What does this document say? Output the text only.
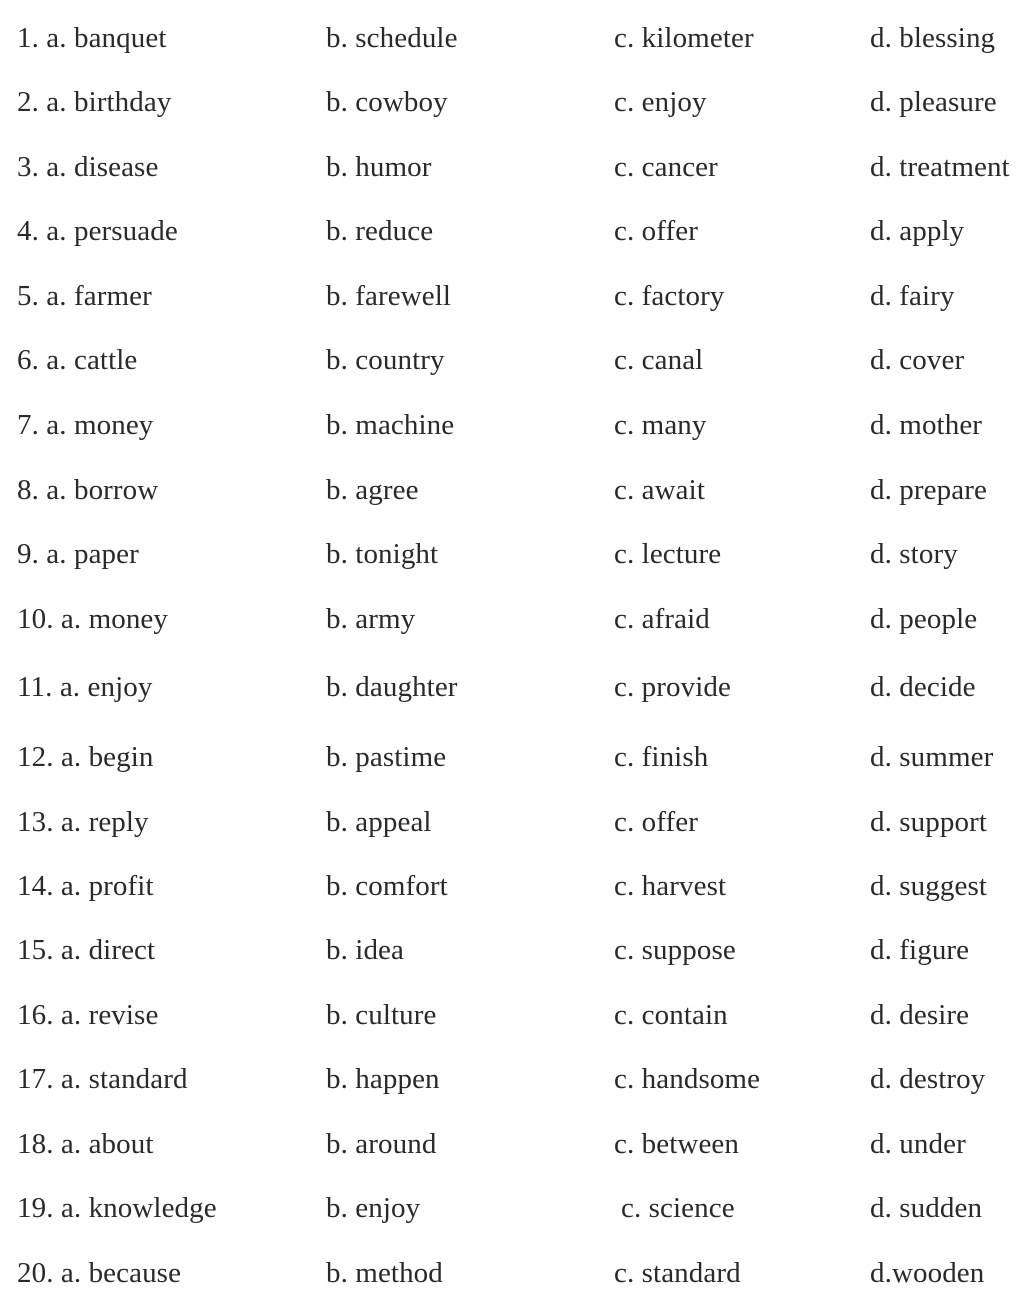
1. a. banquet	b. schedule	c. kilometer	d. blessing
2. a. birthday	b. cowboy	c. enjoy	d. pleasure
3. a. disease	b. humor	c. cancer	d. treatment
4. a. persuade	b. reduce	c. offer	d. apply
5. a. farmer	b. farewell	c. factory	d. fairy
6. a. cattle	b. country	c. canal	d. cover
7. a. money	b. machine	c. many	d. mother
8. a. borrow	b. agree	c. await	d. prepare
9. a. paper	b. tonight	c. lecture	d. story
10. a. money	b. army	c. afraid	d. people
11. a. enjoy	b. daughter	c. provide	d. decide
12. a. begin	b. pastime	c. finish	d. summer
13. a. reply	b. appeal	c. offer	d. support
14. a. profit	b. comfort	c. harvest	d. suggest
15. a. direct	b. idea	c. suppose	d. figure
16. a. revise	b. culture	c. contain	d. desire
17. a. standard	b. happen	c. handsome	d. destroy
18. a. about	b. around	c. between	d. under
19. a. knowledge	b. enjoy	c. science	d. sudden
20. a. because	b. method	c. standard	d.wooden
